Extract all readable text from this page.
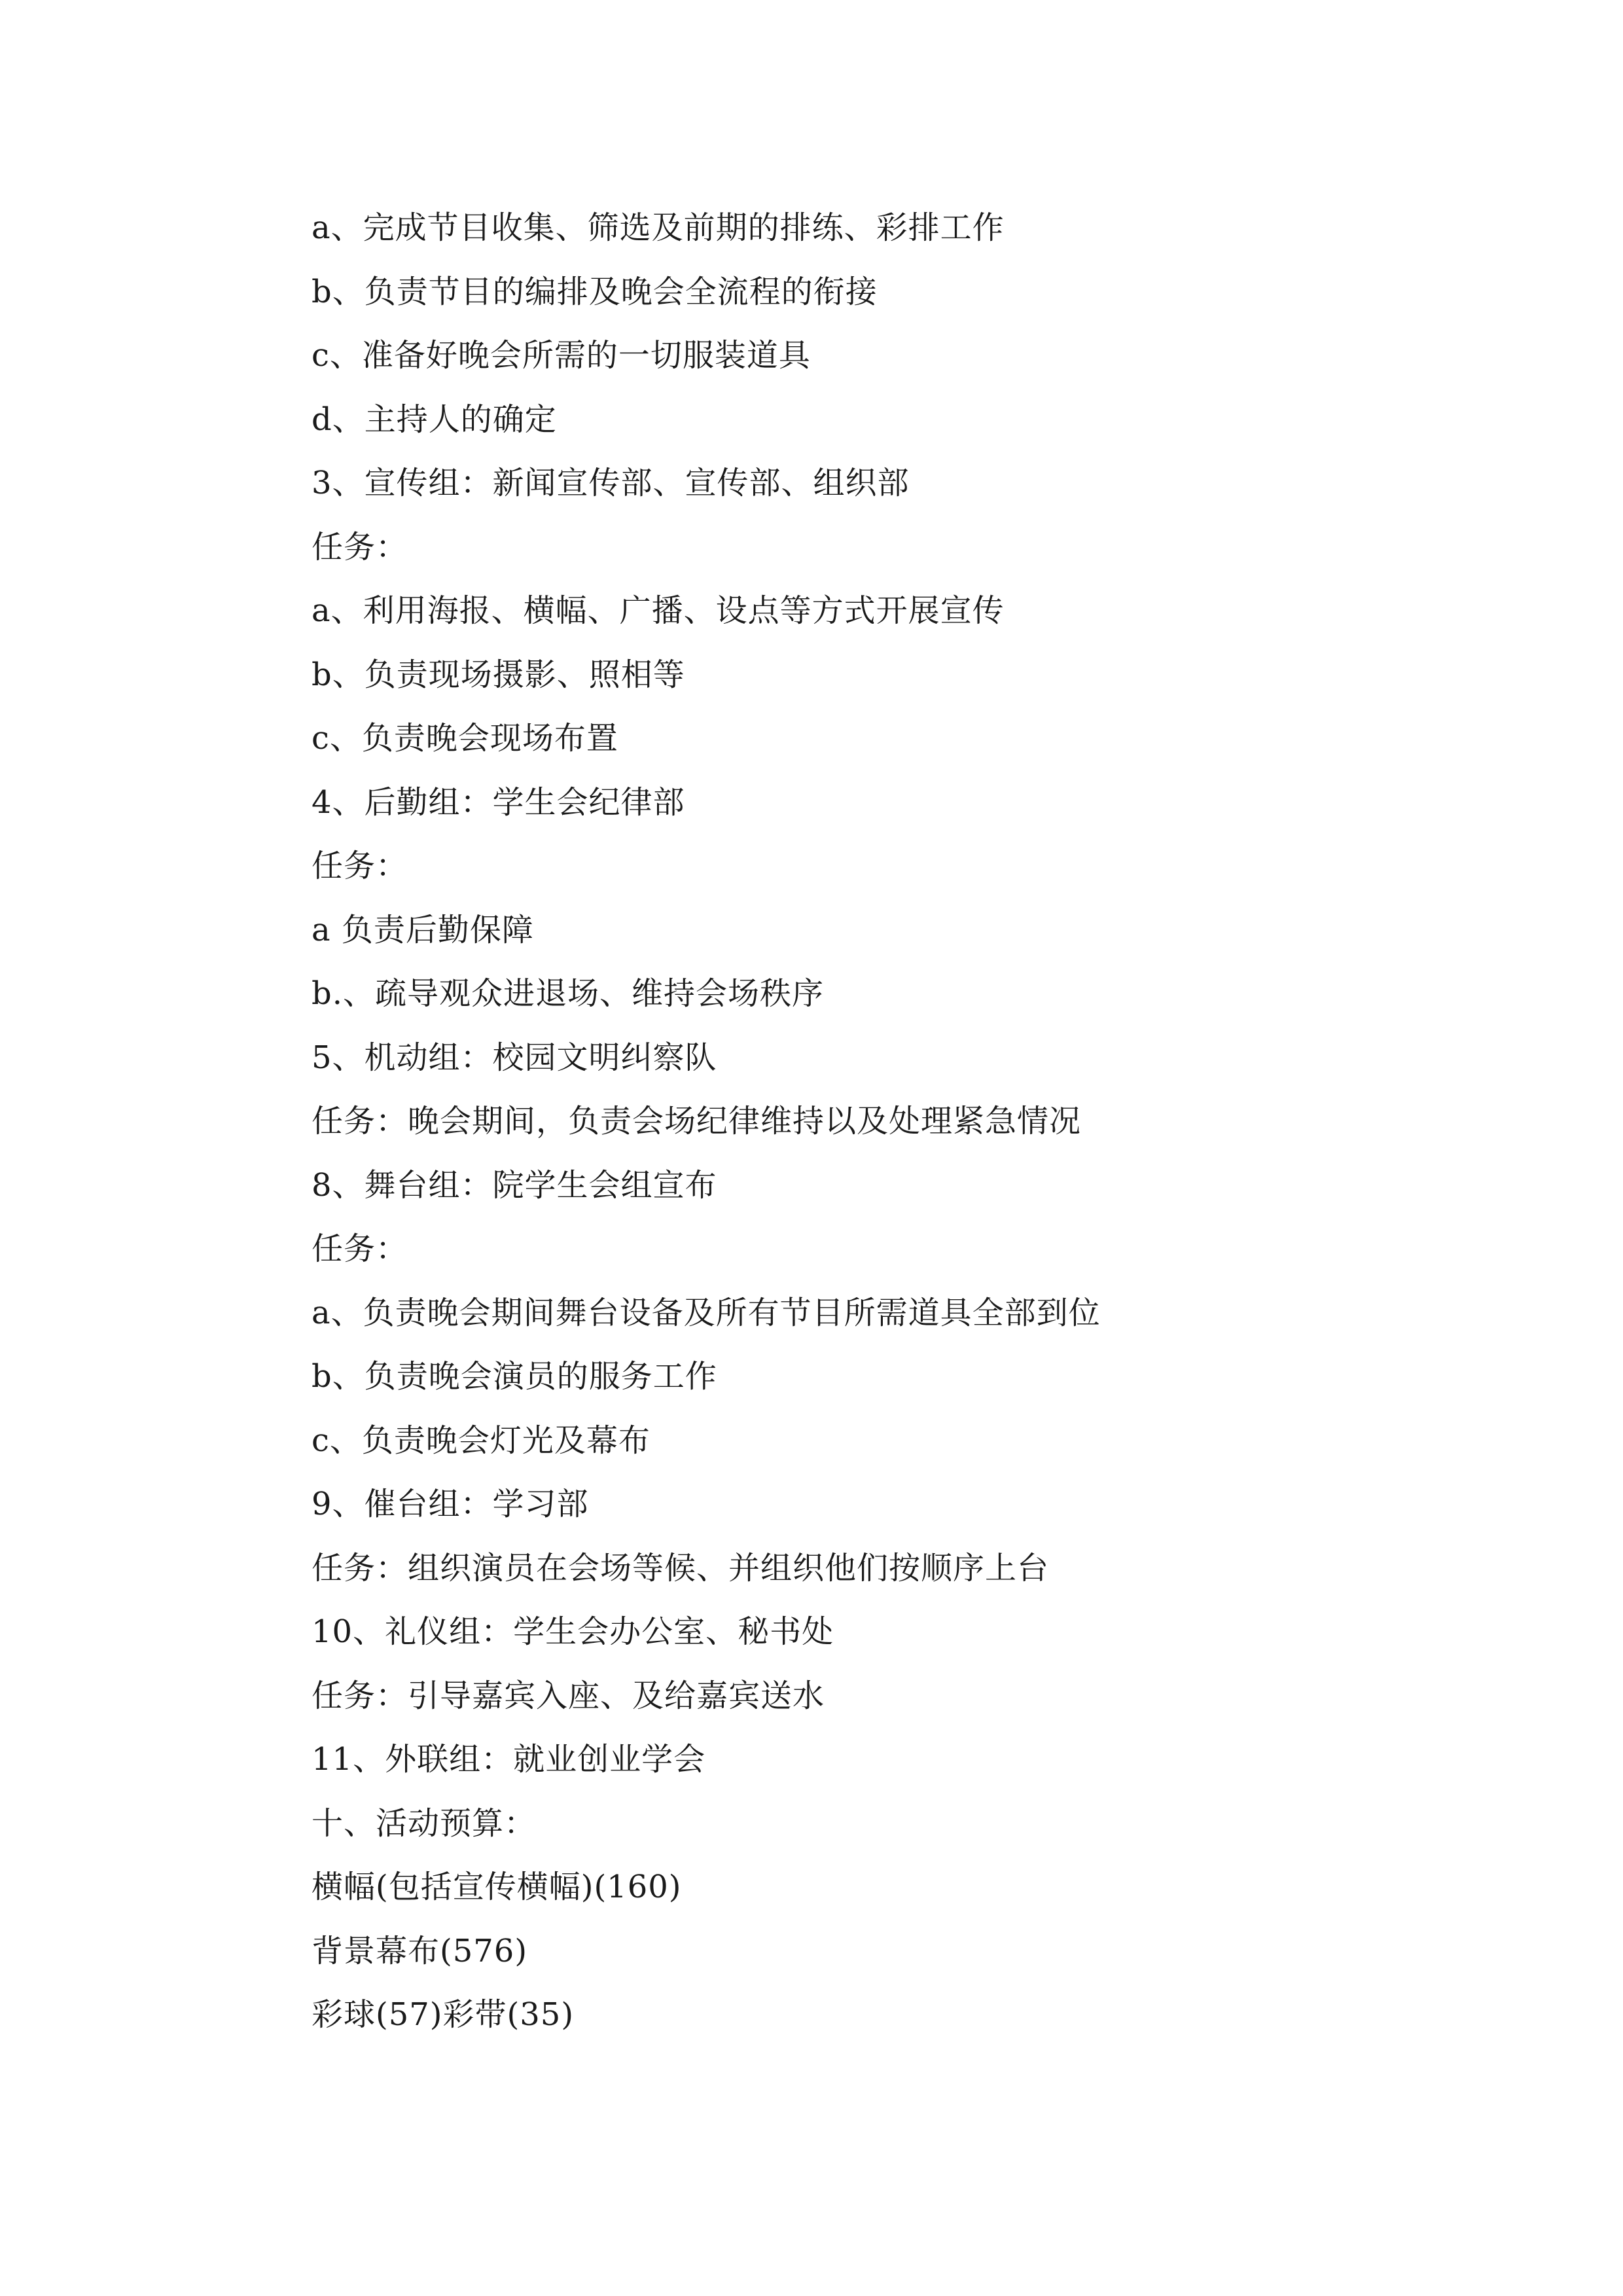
a、完成节目收集、筛选及前期的排练、彩排工作
b、负责节目的编排及晚会全流程的衔接
c、准备好晚会所需的一切服装道具
d、主持人的确定
3、宣传组：新闻宣传部、宣传部、组织部
任务：
a、利用海报、横幅、广播、设点等方式开展宣传
b、负责现场摄影、照相等
c、负责晚会现场布置
4、后勤组：学生会纪律部
任务：
a 负责后勤保障
b.、疏导观众进退场、维持会场秩序
5、机动组：校园文明纠察队
任务：晚会期间，负责会场纪律维持以及处理紧急情况
8、舞台组：院学生会组宣布
任务：
a、负责晚会期间舞台设备及所有节目所需道具全部到位
b、负责晚会演员的服务工作
c、负责晚会灯光及幕布
9、催台组：学习部
任务：组织演员在会场等候、并组织他们按顺序上台
10、礼仪组：学生会办公室、秘书处
任务：引导嘉宾入座、及给嘉宾送水
11、外联组：就业创业学会
十、活动预算：
横幅(包括宣传横幅)(160)
背景幕布(576)
彩球(57)彩带(35)
